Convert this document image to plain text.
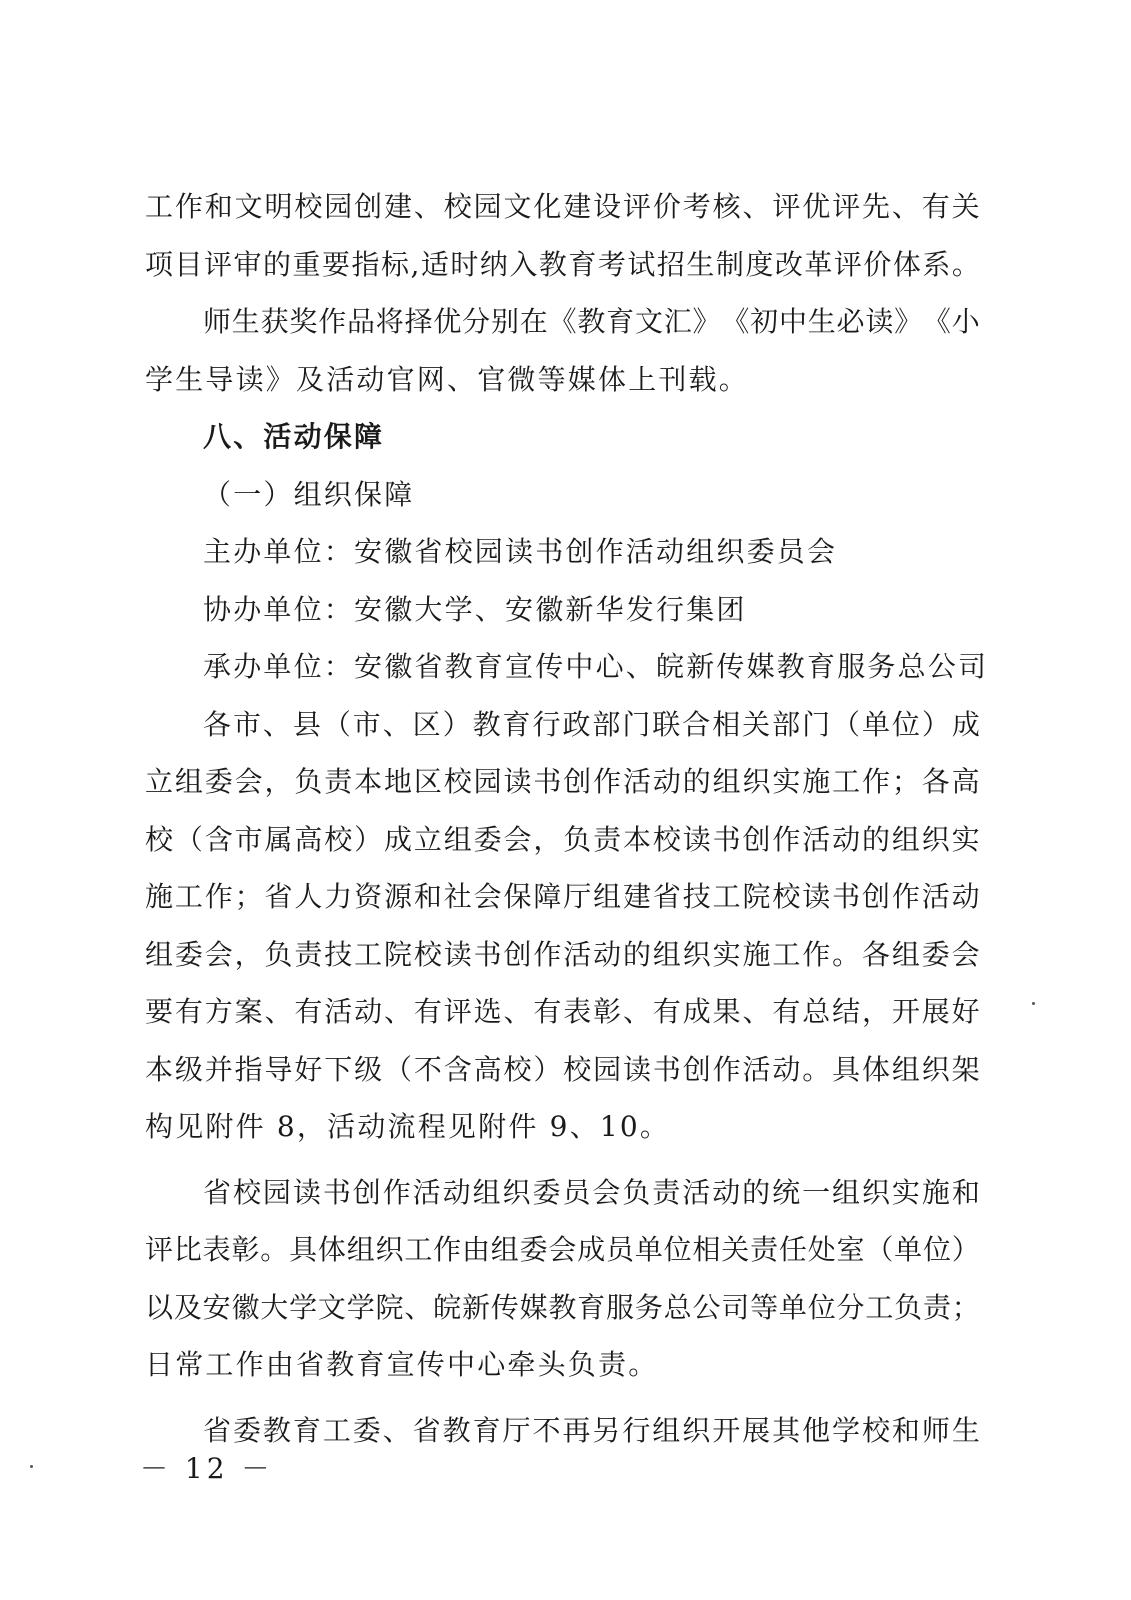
工 作 和 文 明 校 园 创 建 、 校 园 文 化 建 设 评 价 考 核 、 评 优 评 先 、 有 关
项 目 评 审 的 重 要 指 标 , 适 时 纳 入 教 育 考 试 招 生 制 度 改 革 评 价 体 系 。
师 生 获 奖 作 品 将 择 优 分 别 在 《 教 育 文 汇 》 《 初 中 生 必 读 》 《 小
学生导读》及活动官网、官微等媒体上刊载。
八、活动保障
（一）组织保障
主办单位：安徽省校园读书创作活动组织委员会
协办单位：安徽大学、安徽新华发行集团
承办单位：安徽省教育宣传中心、皖新传媒教育服务总公司
各 市 、 县 （ 市 、 区 ） 教 育 行 政 部 门 联 合 相 关 部 门 （ 单 位 ） 成
立 组 委 会 ， 负 责 本 地 区 校 园 读 书 创 作 活 动 的 组 织 实 施 工 作 ； 各 高
校 （ 含 市 属 高 校 ） 成 立 组 委 会 ， 负 责 本 校 读 书 创 作 活 动 的 组 织 实
施 工 作 ； 省 人 力 资 源 和 社 会 保 障 厅 组 建 省 技 工 院 校 读 书 创 作 活 动
组 委 会 ， 负 责 技 工 院 校 读 书 创 作 活 动 的 组 织 实 施 工 作 。 各 组 委 会
要 有 方 案 、 有 活 动 、 有 评 选 、 有 表 彰 、 有 成 果 、 有 总 结 ， 开 展 好
本 级 并 指 导 好 下 级 （ 不 含 高 校 ） 校 园 读 书 创 作 活 动 。 具 体 组 织 架
构见附件 8，活动流程见附件 9、10。
省 校 园 读 书 创 作 活 动 组 织 委 员 会 负 责 活 动 的 统 一 组 织 实 施 和
评 比 表 彰 。 具 体 组 织 工 作 由 组 委 会 成 员 单 位 相 关 责 任 处 室 （ 单 位 ）
以 及 安 徽 大 学 文 学 院 、 皖 新 传 媒 教 育 服 务 总 公 司 等 单 位 分 工 负 责 ；
日常工作由省教育宣传中心牵头负责。
省 委 教 育 工 委 、 省 教 育 厅 不 再 另 行 组 织 开 展 其 他 学 校 和 师 生
－ 12 －
